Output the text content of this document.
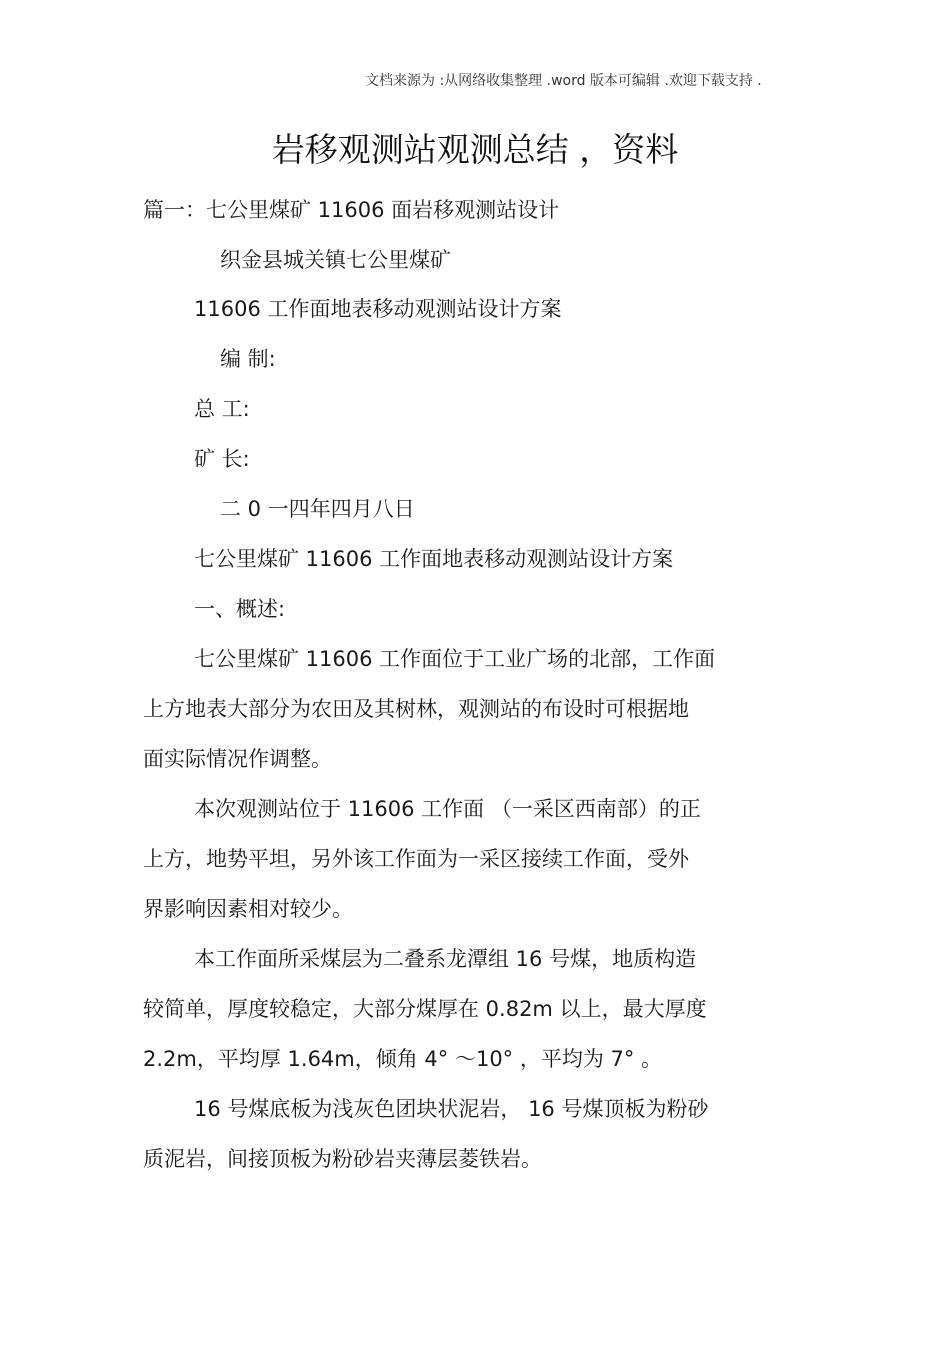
文档来源为 :从网络收集整理 .word 版本可编辑 .欢迎下载支持 .
岩移观测站观测总结 ，资料
篇一：七公里煤矿 11606 面岩移观测站设计
织金县城关镇七公里煤矿
11606 工作面地表移动观测站设计方案
编 制:
总 工:
矿 长:
二 0 一四年四月八日
七公里煤矿 11606 工作面地表移动观测站设计方案
一、概述:
七公里煤矿 11606 工作面位于工业广场的北部，工作面
上方地表大部分为农田及其树林，观测站的布设时可根据地
面实际情况作调整。
本次观测站位于 11606 工作面 （一采区西南部）的正
上方，地势平坦，另外该工作面为一采区接续工作面，受外
界影响因素相对较少。
本工作面所采煤层为二叠系龙潭组 16 号煤，地质构造
较简单，厚度较稳定，大部分煤厚在 0.82m 以上，最大厚度
2.2m，平均厚 1.64m，倾角 4° ～10° ，平均为 7° 。
16 号煤底板为浅灰色团块状泥岩， 16 号煤顶板为粉砂
质泥岩，间接顶板为粉砂岩夹薄层菱铁岩。
